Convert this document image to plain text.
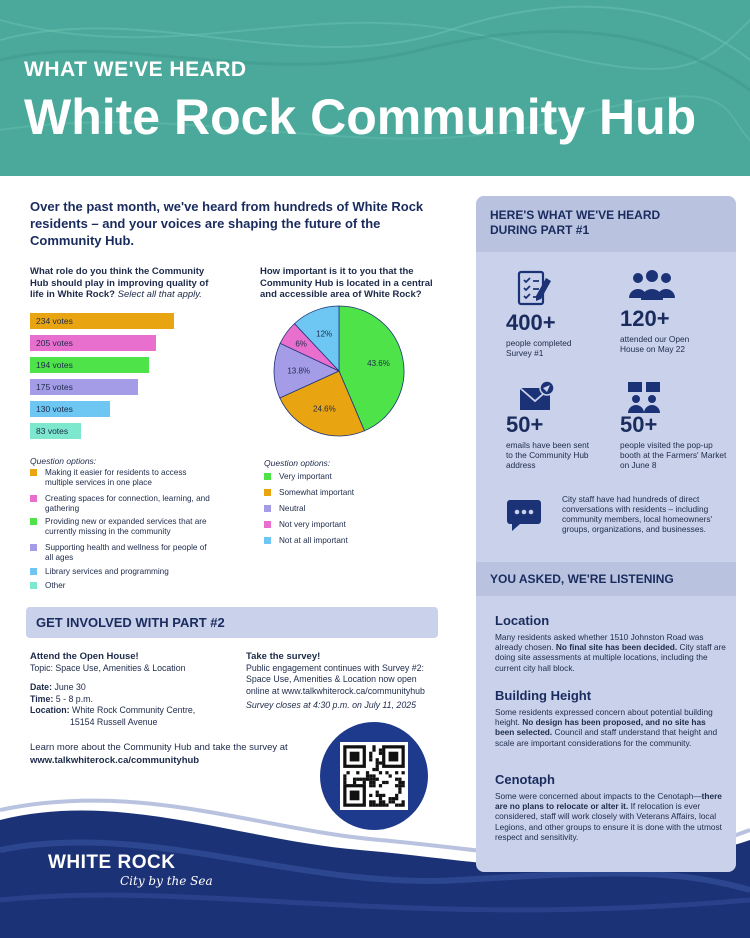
WHAT WE'VE HEARD
White Rock Community Hub
Over the past month, we've heard from hundreds of White Rock residents – and your voices are shaping the future of the Community Hub.
What role do you think the Community Hub should play in improving quality of life in White Rock? Select all that apply.
How important is it to you that the Community Hub is located in a central and accessible area of White Rock?
234 votes
205 votes
194 votes
175 votes
130 votes
83 votes
Question options:
Making it easier for residents to access multiple services in one place
Creating spaces for connection, learning, and gathering
Providing new or expanded services that are currently missing in the community
Supporting health and wellness for people of all ages
Library services and programming
Other
43.6%
24.6%
13.8%
6%
12%
Question options:
Very important
Somewhat important
Neutral
Not very important
Not at all important
GET INVOLVED WITH PART #2
Attend the Open House!
Topic: Space Use, Amenities & Location
Date: June 30
Time: 5 - 8 p.m.
Location: White Rock Community Centre,
15154 Russell Avenue
Take the survey!
Public engagement continues with Survey #2: Space Use, Amenities & Location now open online at www.talkwhiterock.ca/communityhub
Survey closes at 4:30 p.m. on July 11, 2025
Learn more about the Community Hub and take the survey at
www.talkwhiterock.ca/communityhub
WHITE ROCK
City by the Sea
HERE'S WHAT WE'VE HEARD
DURING PART #1
400+
people completed Survey #1
120+
attended our Open House on May 22
50+
emails have been sent to the Community Hub address
50+
people visited the pop-up booth at the Farmers' Market on June 8
City staff have had hundreds of direct conversations with residents – including community members, local homeowners' groups, organizations, and businesses.
YOU ASKED, WE'RE LISTENING
Location
Many residents asked whether 1510 Johnston Road was already chosen. No final site has been decided. City staff are doing site assessments at multiple locations, including the current city hall block.
Building Height
Some residents expressed concern about potential building height. No design has been proposed, and no site has been selected. Council and staff understand that height and scale are important considerations for the community.
Cenotaph
Some were concerned about impacts to the Cenotaph—there are no plans to relocate or alter it. If relocation is ever considered, staff will work closely with Veterans Affairs, local Legions, and other groups to ensure it is done with the utmost respect and sensitivity.
